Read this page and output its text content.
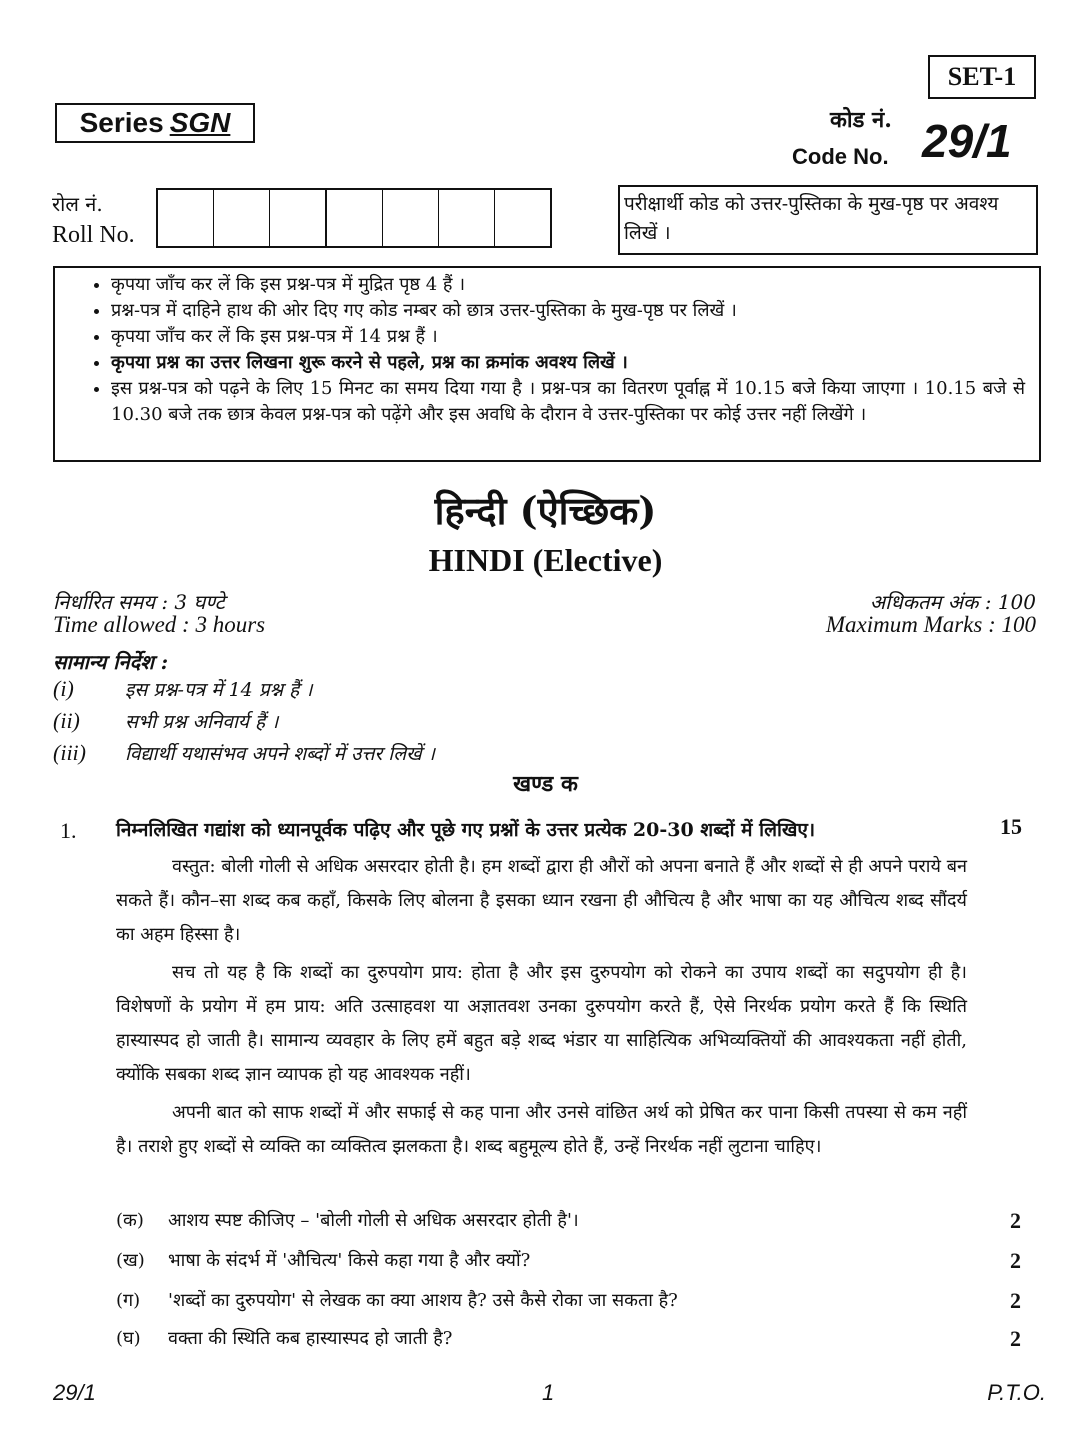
SET-1
Series SGN	कोड नं.
Code No. 29/1
रोल नं.
Roll No.
परीक्षार्थी कोड को उत्तर-पुस्तिका के मुख-पृष्ठ पर अवश्य लिखें ।
• कृपया जाँच कर लें कि इस प्रश्न-पत्र में मुद्रित पृष्ठ 4 हैं ।
• प्रश्न-पत्र में दाहिने हाथ की ओर दिए गए कोड नम्बर को छात्र उत्तर-पुस्तिका के मुख-पृष्ठ पर लिखें ।
• कृपया जाँच कर लें कि इस प्रश्न-पत्र में 14 प्रश्न हैं ।
• कृपया प्रश्न का उत्तर लिखना शुरू करने से पहले, प्रश्न का क्रमांक अवश्य लिखें ।
• इस प्रश्न-पत्र को पढ़ने के लिए 15 मिनट का समय दिया गया है । प्रश्न-पत्र का वितरण पूर्वाह्न में 10.15 बजे किया जाएगा । 10.15 बजे से 10.30 बजे तक छात्र केवल प्रश्न-पत्र को पढ़ेंगे और इस अवधि के दौरान वे उत्तर-पुस्तिका पर कोई उत्तर नहीं लिखेंगे ।
हिन्दी (ऐच्छिक)
HINDI (Elective)
निर्धारित समय : 3 घण्टे
Time allowed : 3 hours
अधिकतम अंक : 100
Maximum Marks : 100
सामान्य निर्देश :
(i)	इस प्रश्न-पत्र में 14 प्रश्न हैं ।
(ii)	सभी प्रश्न अनिवार्य हैं ।
(iii)	विद्यार्थी यथासंभव अपने शब्दों में उत्तर लिखें ।
खण्ड क
1. निम्नलिखित गद्यांश को ध्यानपूर्वक पढ़िए और पूछे गए प्रश्नों के उत्तर प्रत्येक 20-30 शब्दों में लिखिए।	15
वस्तुत: बोली गोली से अधिक असरदार होती है। हम शब्दों द्वारा ही औरों को अपना बनाते हैं और शब्दों से ही अपने पराये बन सकते हैं। कौन–सा शब्द कब कहाँ, किसके लिए बोलना है इसका ध्यान रखना ही औचित्य है और भाषा का यह औचित्य शब्द सौंदर्य का अहम हिस्सा है।
सच तो यह है कि शब्दों का दुरुपयोग प्राय: होता है और इस दुरुपयोग को रोकने का उपाय शब्दों का सदुपयोग ही है। विशेषणों के प्रयोग में हम प्राय: अति उत्साहवश या अज्ञातवश उनका दुरुपयोग करते हैं, ऐसे निरर्थक प्रयोग करते हैं कि स्थिति हास्यास्पद हो जाती है। सामान्य व्यवहार के लिए हमें बहुत बड़े शब्द भंडार या साहित्यिक अभिव्यक्तियों की आवश्यकता नहीं होती, क्योंकि सबका शब्द ज्ञान व्यापक हो यह आवश्यक नहीं।
अपनी बात को साफ शब्दों में और सफाई से कह पाना और उनसे वांछित अर्थ को प्रेषित कर पाना किसी तपस्या से कम नहीं है। तराशे हुए शब्दों से व्यक्ति का व्यक्तित्व झलकता है। शब्द बहुमूल्य होते हैं, उन्हें निरर्थक नहीं लुटाना चाहिए।
(क)	आशय स्पष्ट कीजिए – 'बोली गोली से अधिक असरदार होती है'।	2
(ख)	भाषा के संदर्भ में 'औचित्य' किसे कहा गया है और क्यों?	2
(ग)	'शब्दों का दुरुपयोग' से लेखक का क्या आशय है? उसे कैसे रोका जा सकता है?	2
(घ)	वक्ता की स्थिति कब हास्यास्पद हो जाती है?	2
29/1	1	P.T.O.
